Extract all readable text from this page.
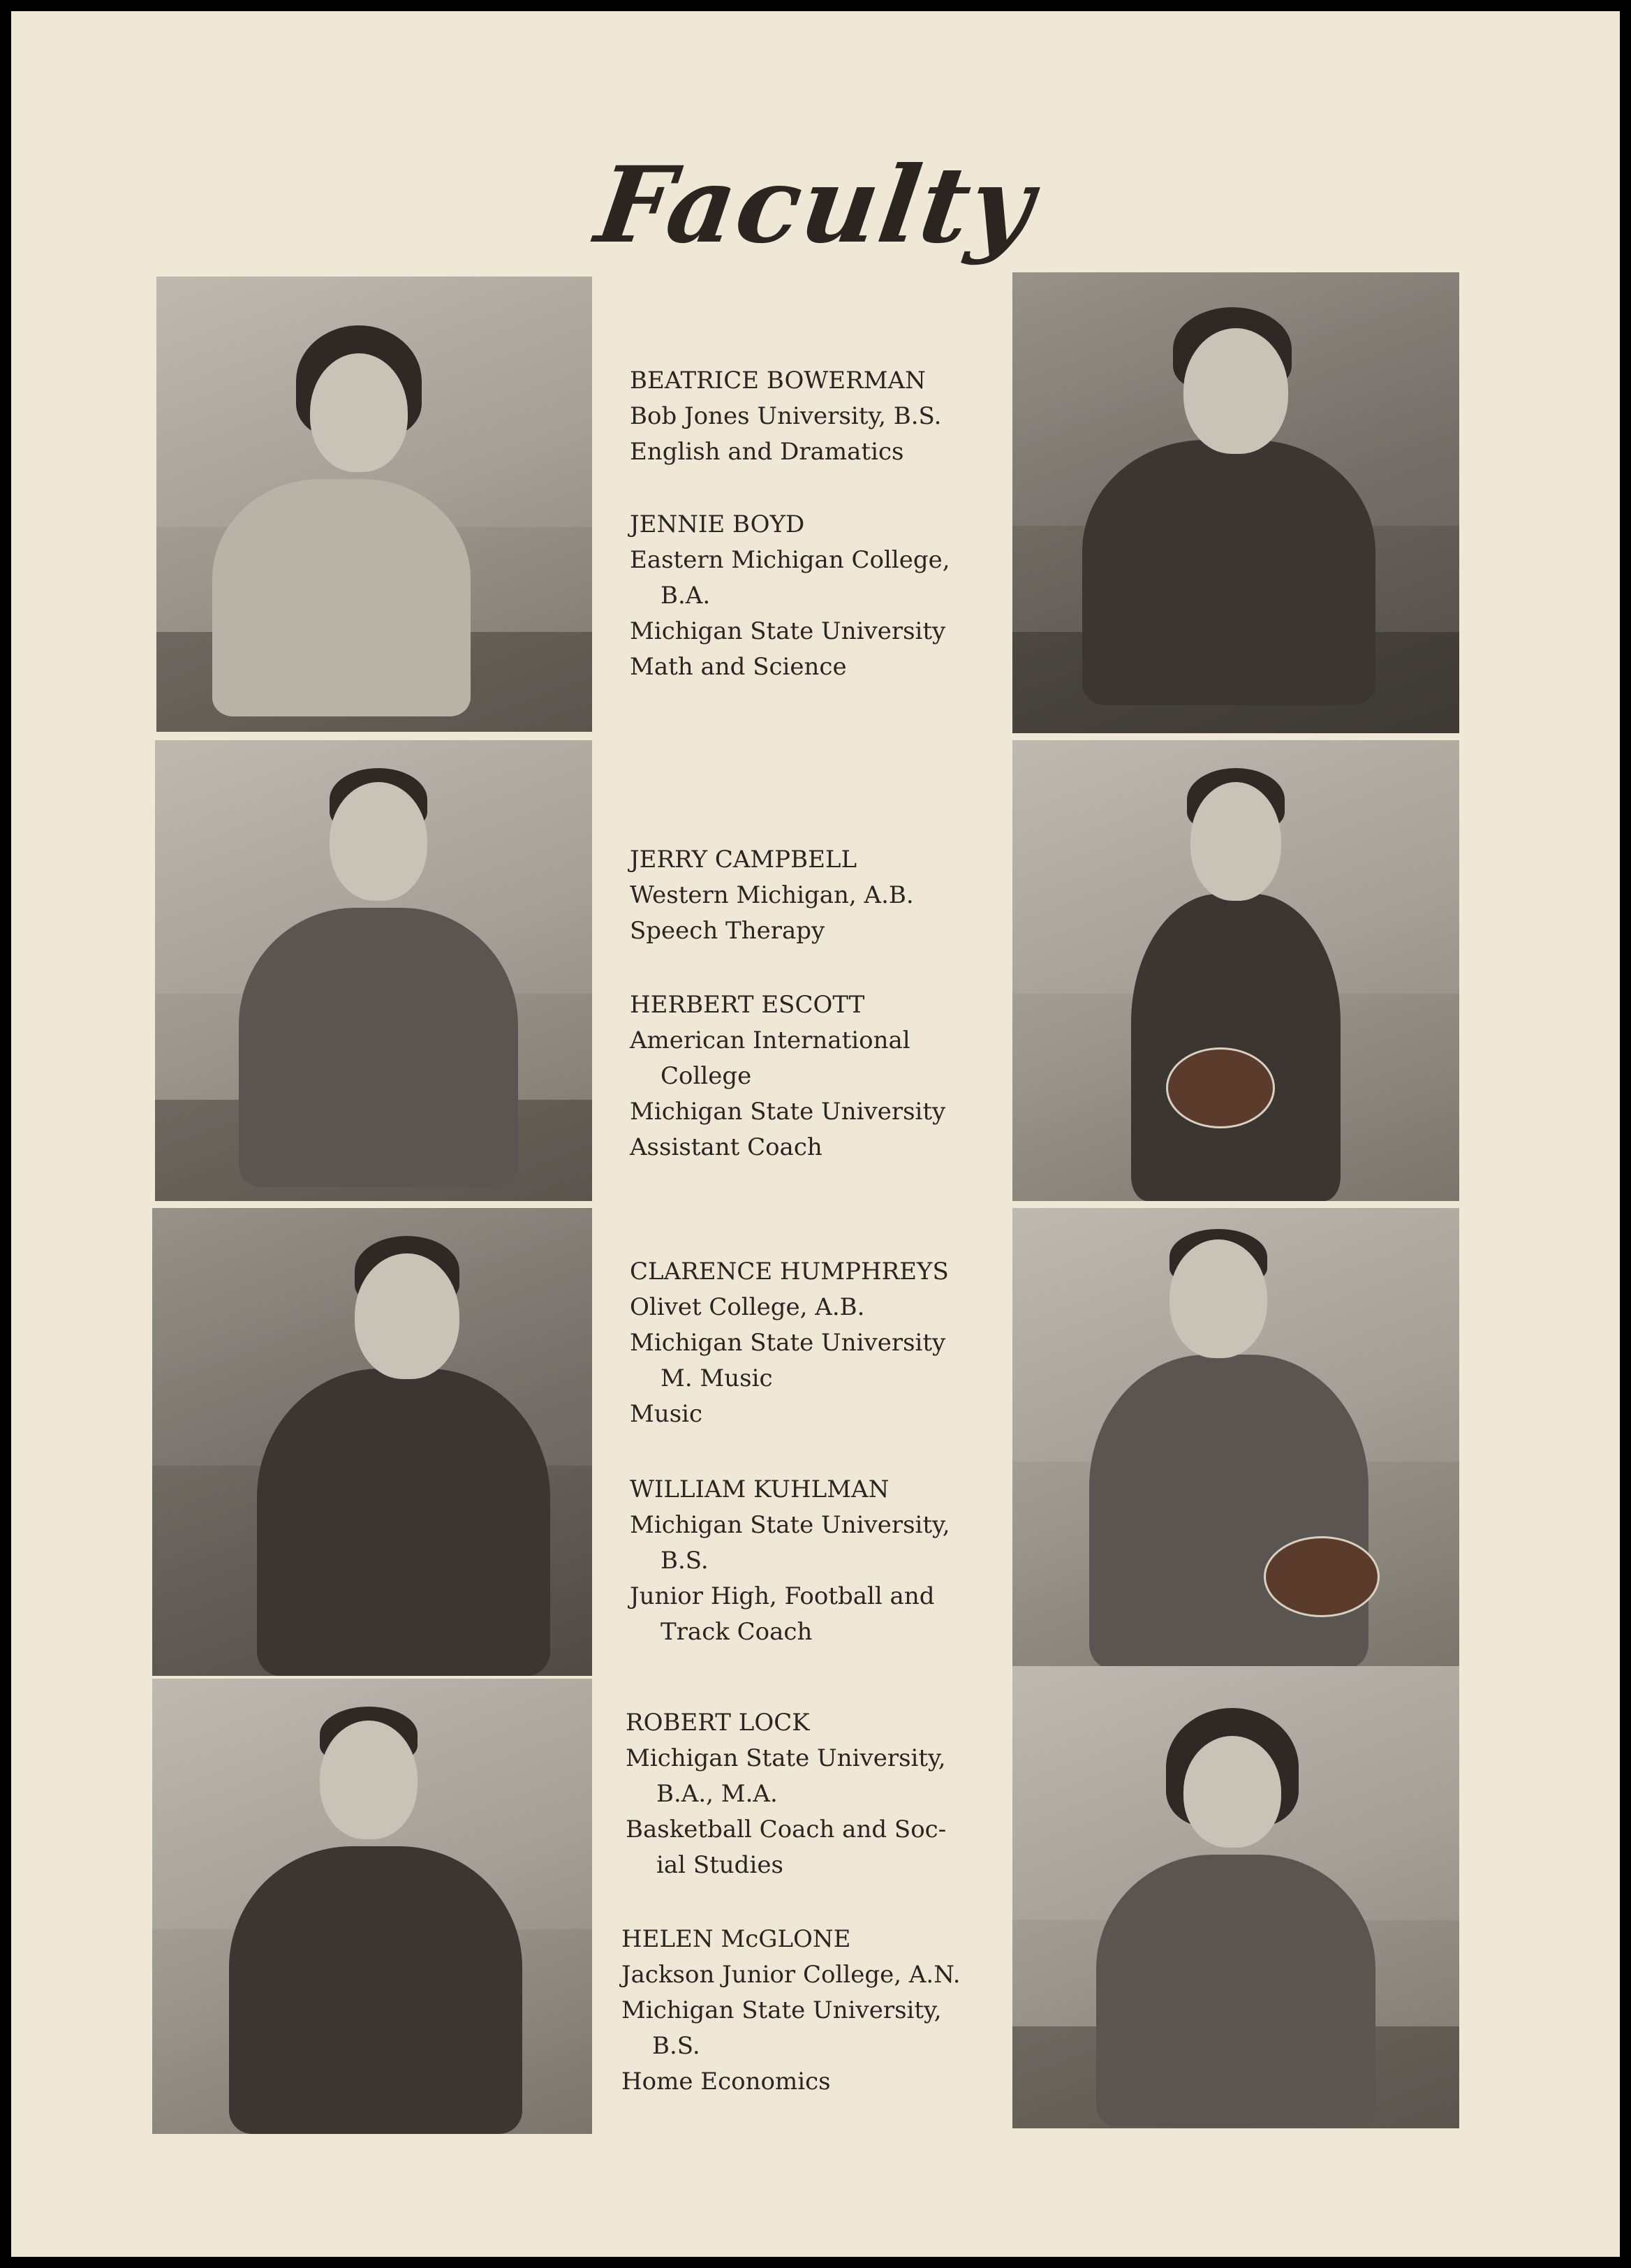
Faculty
BEATRICE BOWERMAN
Bob Jones University, B.S.
English and Dramatics
JENNIE BOYD
Eastern Michigan College,
B.A.
Michigan State University
Math and Science
JERRY CAMPBELL
Western Michigan, A.B.
Speech Therapy
HERBERT ESCOTT
American International
College
Michigan State University
Assistant Coach
CLARENCE HUMPHREYS
Olivet College, A.B.
Michigan State University
M. Music
Music
WILLIAM KUHLMAN
Michigan State University,
B.S.
Junior High, Football and
Track Coach
ROBERT LOCK
Michigan State University,
B.A., M.A.
Basketball Coach and Soc-
ial Studies
HELEN McGLONE
Jackson Junior College, A.N.
Michigan State University,
B.S.
Home Economics
